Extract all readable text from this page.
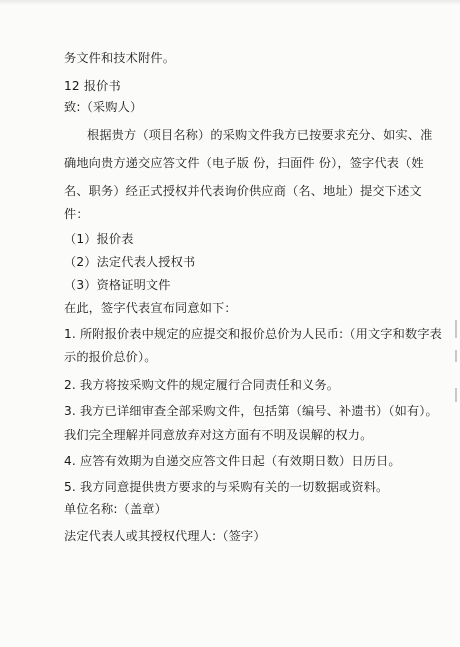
务文件和技术附件。
12 报价书
致:（采购人）
根据贵方（项目名称）的采购文件我方已按要求充分、如实、准
确地向贵方递交应答文件（电子版 份，扫面件 份），签字代表（姓
名、职务）经正式授权并代表询价供应商（名、地址）提交下述文
件：
（1）报价表
（2）法定代表人授权书
（3）资格证明文件
在此，签字代表宣布同意如下：
1. 所附报价表中规定的应提交和报价总价为人民币:（用文字和数字表
示的报价总价）。
2. 我方将按采购文件的规定履行合同责任和义务。
3. 我方已详细审查全部采购文件，包括第（编号、补遗书）（如有）。
我们完全理解并同意放弃对这方面有不明及误解的权力。
4. 应答有效期为自递交应答文件日起（有效期日数）日历日。
5. 我方同意提供贵方要求的与采购有关的一切数据或资料。
单位名称:（盖章）
法定代表人或其授权代理人:（签字）
